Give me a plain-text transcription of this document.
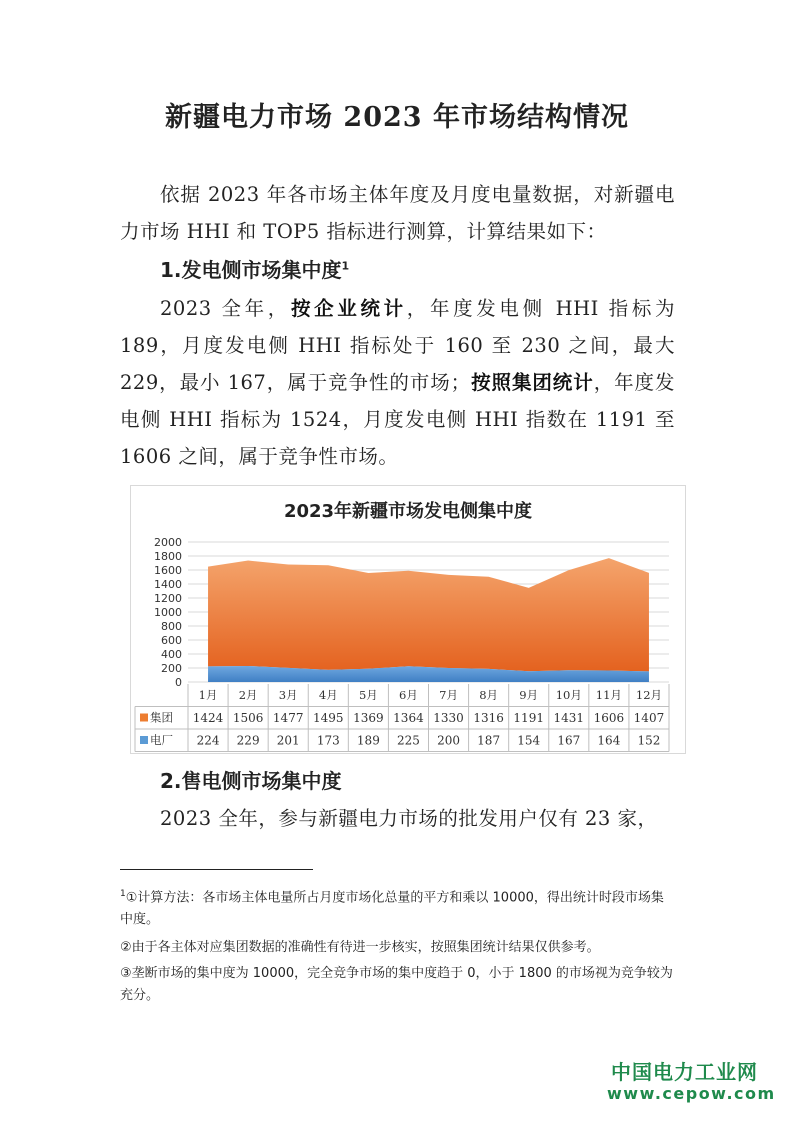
新疆电力市场 2023 年市场结构情况
依据 2023 年各市场主体年度及月度电量数据，对新疆电力市场 HHI 和 TOP5 指标进行测算，计算结果如下：
1.发电侧市场集中度$^1$
2023 全年，按企业统计，年度发电侧 HHI 指标为 189，月度发电侧 HHI 指标处于 160 至 230 之间，最大 229，最小 167，属于竞争性的市场；按照集团统计，年度发电侧 HHI 指标为 1524，月度发电侧 HHI 指数在 1191 至 1606 之间，属于竞争性市场。
2023年新疆市场发电侧集中度
0
200
400
600
800
1000
1200
1400
1600
1800
2000
1月 2月 3月 4月 5月 6月 7月 8月 9月 10月 11月 12月
集团 1424 1506 1477 1495 1369 1364 1330 1316 1191 1431 1606 1407
电厂 224 229 201 173 189 225 200 187 154 167 164 152
2.售电侧市场集中度
2023 全年，参与新疆电力市场的批发用户仅有 23 家，
$^1$①计算方法：各市场主体电量所占月度市场化总量的平方和乘以 10000，得出统计时段市场集中度。
②由于各主体对应集团数据的准确性有待进一步核实，按照集团统计结果仅供参考。
③垄断市场的集中度为 10000，完全竞争市场的集中度趋于 0，小于 1800 的市场视为竞争较为充分。
中国电力工业网
www.cepow.com
